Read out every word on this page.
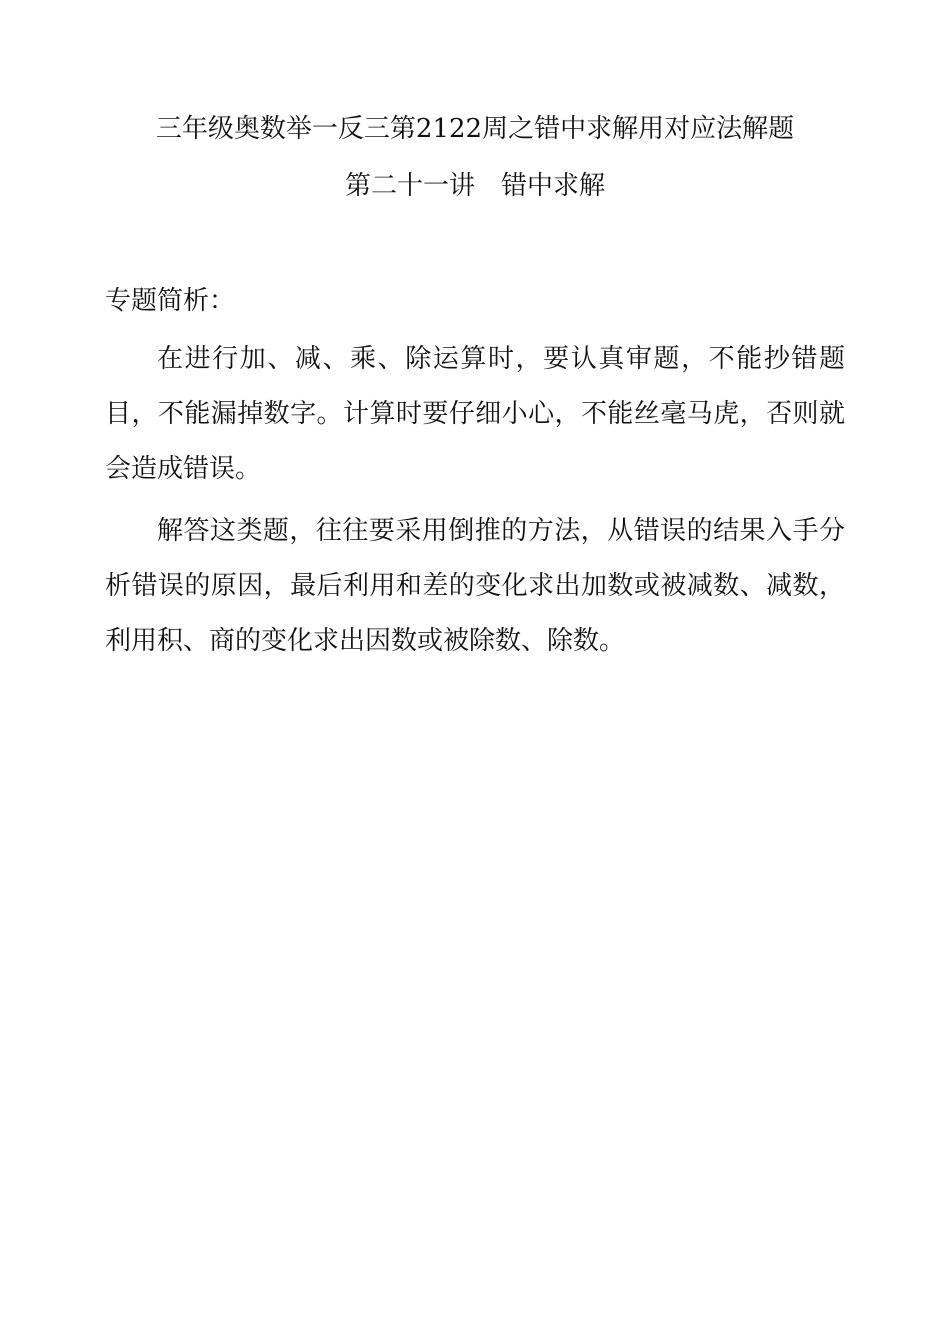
三年级奥数举一反三第2122周之错中求解用对应法解题
第二十一讲　错中求解
专题简析：

在进行加、减、乘、除运算时，要认真审题，不能抄错题目，不能漏掉数字。计算时要仔细小心，不能丝毫马虎，否则就会造成错误。

解答这类题，往往要采用倒推的方法，从错误的结果入手分析错误的原因，最后利用和差的变化求出加数或被减数、减数，利用积、商的变化求出因数或被除数、除数。
